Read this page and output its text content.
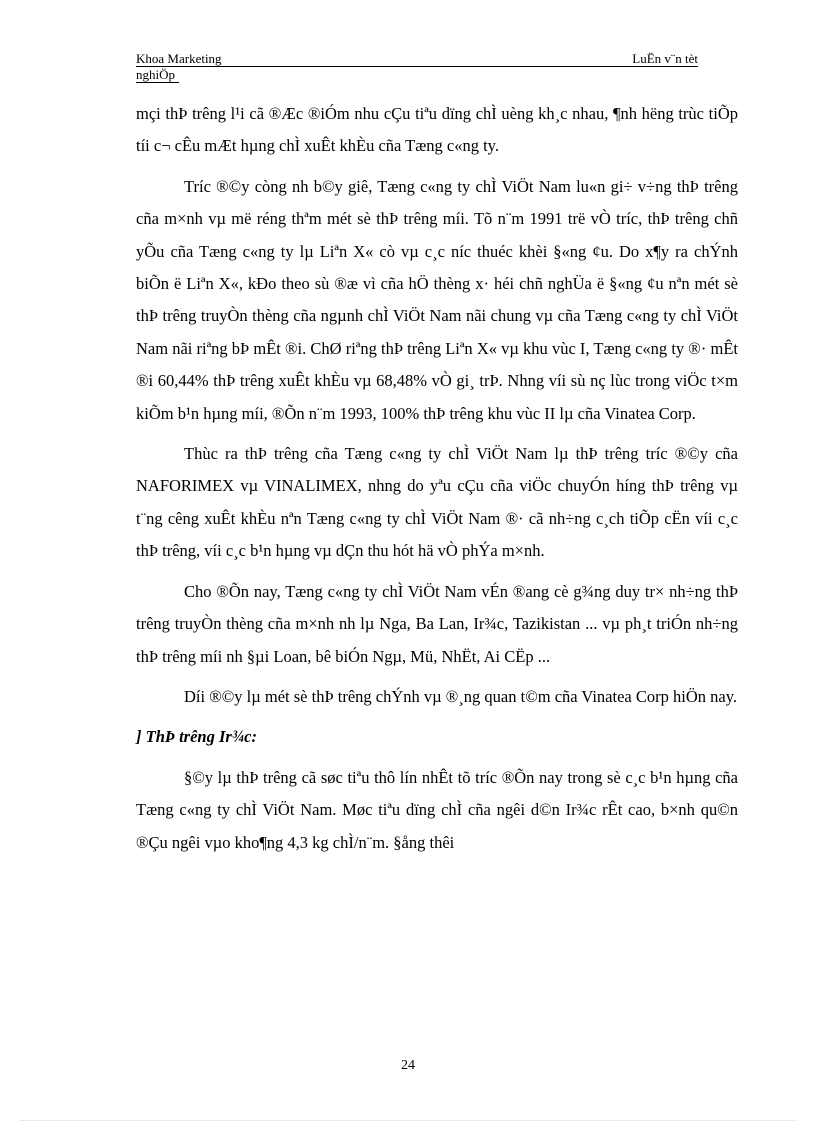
Khoa Marketing	LuËn v¨n tèt
nghiÖp

mçi thÞ trêng l¹i cã ®Æc ®iÓm nhu cÇu tiªu dïng chÌ uèng kh¸c nhau, ¶nh hëng trùc tiÕp tíi c¬ cÊu mÆt hµng chÌ xuÊt khÈu cña Tæng c«ng ty.

Tríc ®©y còng nh b©y giê, Tæng c«ng ty chÌ ViÖt Nam lu«n gi÷ v÷ng thÞ trêng cña m×nh vµ më réng thªm mét sè thÞ trêng míi. Tõ n¨m 1991 trë vÒ tríc, thÞ trêng chñ yÕu cña Tæng c«ng ty lµ Liªn X« cò vµ c¸c níc thuéc khèi §«ng ¢u. Do x¶y ra chÝnh biÕn ë Liªn X«, kÐo theo sù ®æ vì cña hÖ thèng x· héi chñ nghÜa ë §«ng ¢u nªn mét sè thÞ trêng truyÒn thèng cña ngµnh chÌ ViÖt Nam nãi chung vµ cña Tæng c«ng ty chÌ ViÖt Nam nãi riªng bÞ mÊt ®i. ChØ riªng thÞ trêng Liªn X« vµ khu vùc I, Tæng c«ng ty ®· mÊt ®i 60,44% thÞ trêng xuÊt khÈu vµ 68,48% vÒ gi¸ trÞ. Nhng víi sù nç lùc trong viÖc t×m kiÕm b¹n hµng míi, ®Õn n¨m 1993, 100% thÞ trêng khu vùc II lµ cña Vinatea Corp.

Thùc ra thÞ trêng cña Tæng c«ng ty chÌ ViÖt Nam lµ thÞ trêng tríc ®©y cña NAFORIMEX vµ VINALIMEX, nhng do yªu cÇu cña viÖc chuyÓn híng thÞ trêng vµ t¨ng cêng xuÊt khÈu nªn Tæng c«ng ty chÌ ViÖt Nam ®· cã nh÷ng c¸ch tiÕp cËn víi c¸c thÞ trêng, víi c¸c b¹n hµng vµ dÇn thu hót hä vÒ phÝa m×nh.

Cho ®Õn nay, Tæng c«ng ty chÌ ViÖt Nam vÉn ®ang cè g¾ng duy tr× nh÷ng thÞ trêng truyÒn thèng cña m×nh nh lµ Nga, Ba Lan, Ir¾c, Tazikistan ... vµ ph¸t triÓn nh÷ng thÞ trêng míi nh §µi Loan, bê biÓn Ngµ, Mü, NhËt, Ai CËp ...

Díi ®©y lµ mét sè thÞ trêng chÝnh vµ ®¸ng quan t©m cña Vinatea Corp hiÖn nay.

] ThÞ trêng Ir¾c:

§©y lµ thÞ trêng cã søc tiªu thô lín nhÊt tõ tríc ®Õn nay trong sè c¸c b¹n hµng cña Tæng c«ng ty chÌ ViÖt Nam. Møc tiªu dïng chÌ cña ngêi d©n Ir¾c rÊt cao, b×nh qu©n ®Çu ngêi vµo kho¶ng 4,3 kg chÌ/n¨m. §ång thêi

24
